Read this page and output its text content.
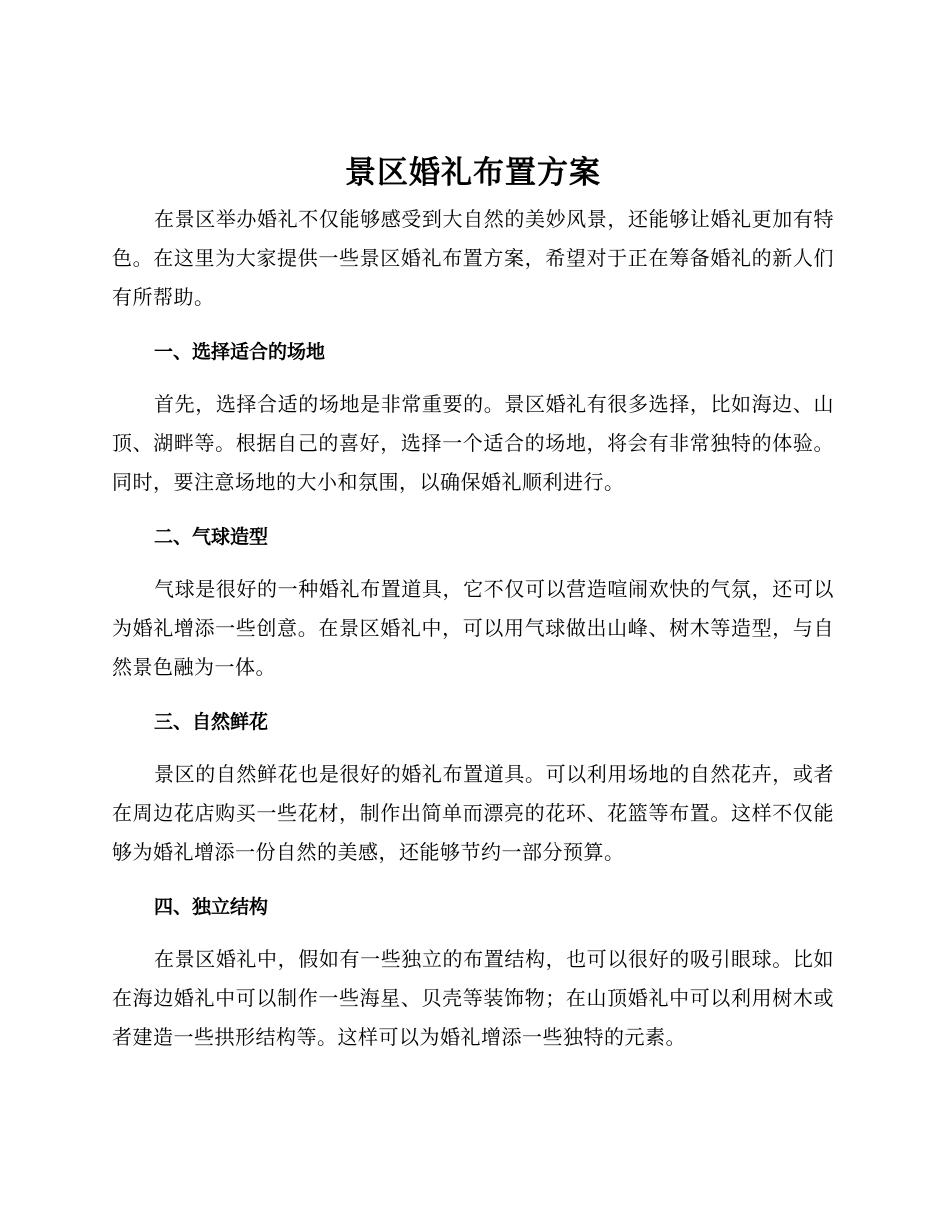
景区婚礼布置方案

在景区举办婚礼不仅能够感受到大自然的美妙风景，还能够让婚礼更加有特色。在这里为大家提供一些景区婚礼布置方案，希望对于正在筹备婚礼的新人们有所帮助。

一、选择适合的场地

首先，选择合适的场地是非常重要的。景区婚礼有很多选择，比如海边、山顶、湖畔等。根据自己的喜好，选择一个适合的场地，将会有非常独特的体验。同时，要注意场地的大小和氛围，以确保婚礼顺利进行。

二、气球造型

气球是很好的一种婚礼布置道具，它不仅可以营造喧闹欢快的气氛，还可以为婚礼增添一些创意。在景区婚礼中，可以用气球做出山峰、树木等造型，与自然景色融为一体。

三、自然鲜花

景区的自然鲜花也是很好的婚礼布置道具。可以利用场地的自然花卉，或者在周边花店购买一些花材，制作出简单而漂亮的花环、花篮等布置。这样不仅能够为婚礼增添一份自然的美感，还能够节约一部分预算。

四、独立结构

在景区婚礼中，假如有一些独立的布置结构，也可以很好的吸引眼球。比如在海边婚礼中可以制作一些海星、贝壳等装饰物；在山顶婚礼中可以利用树木或者建造一些拱形结构等。这样可以为婚礼增添一些独特的元素。
